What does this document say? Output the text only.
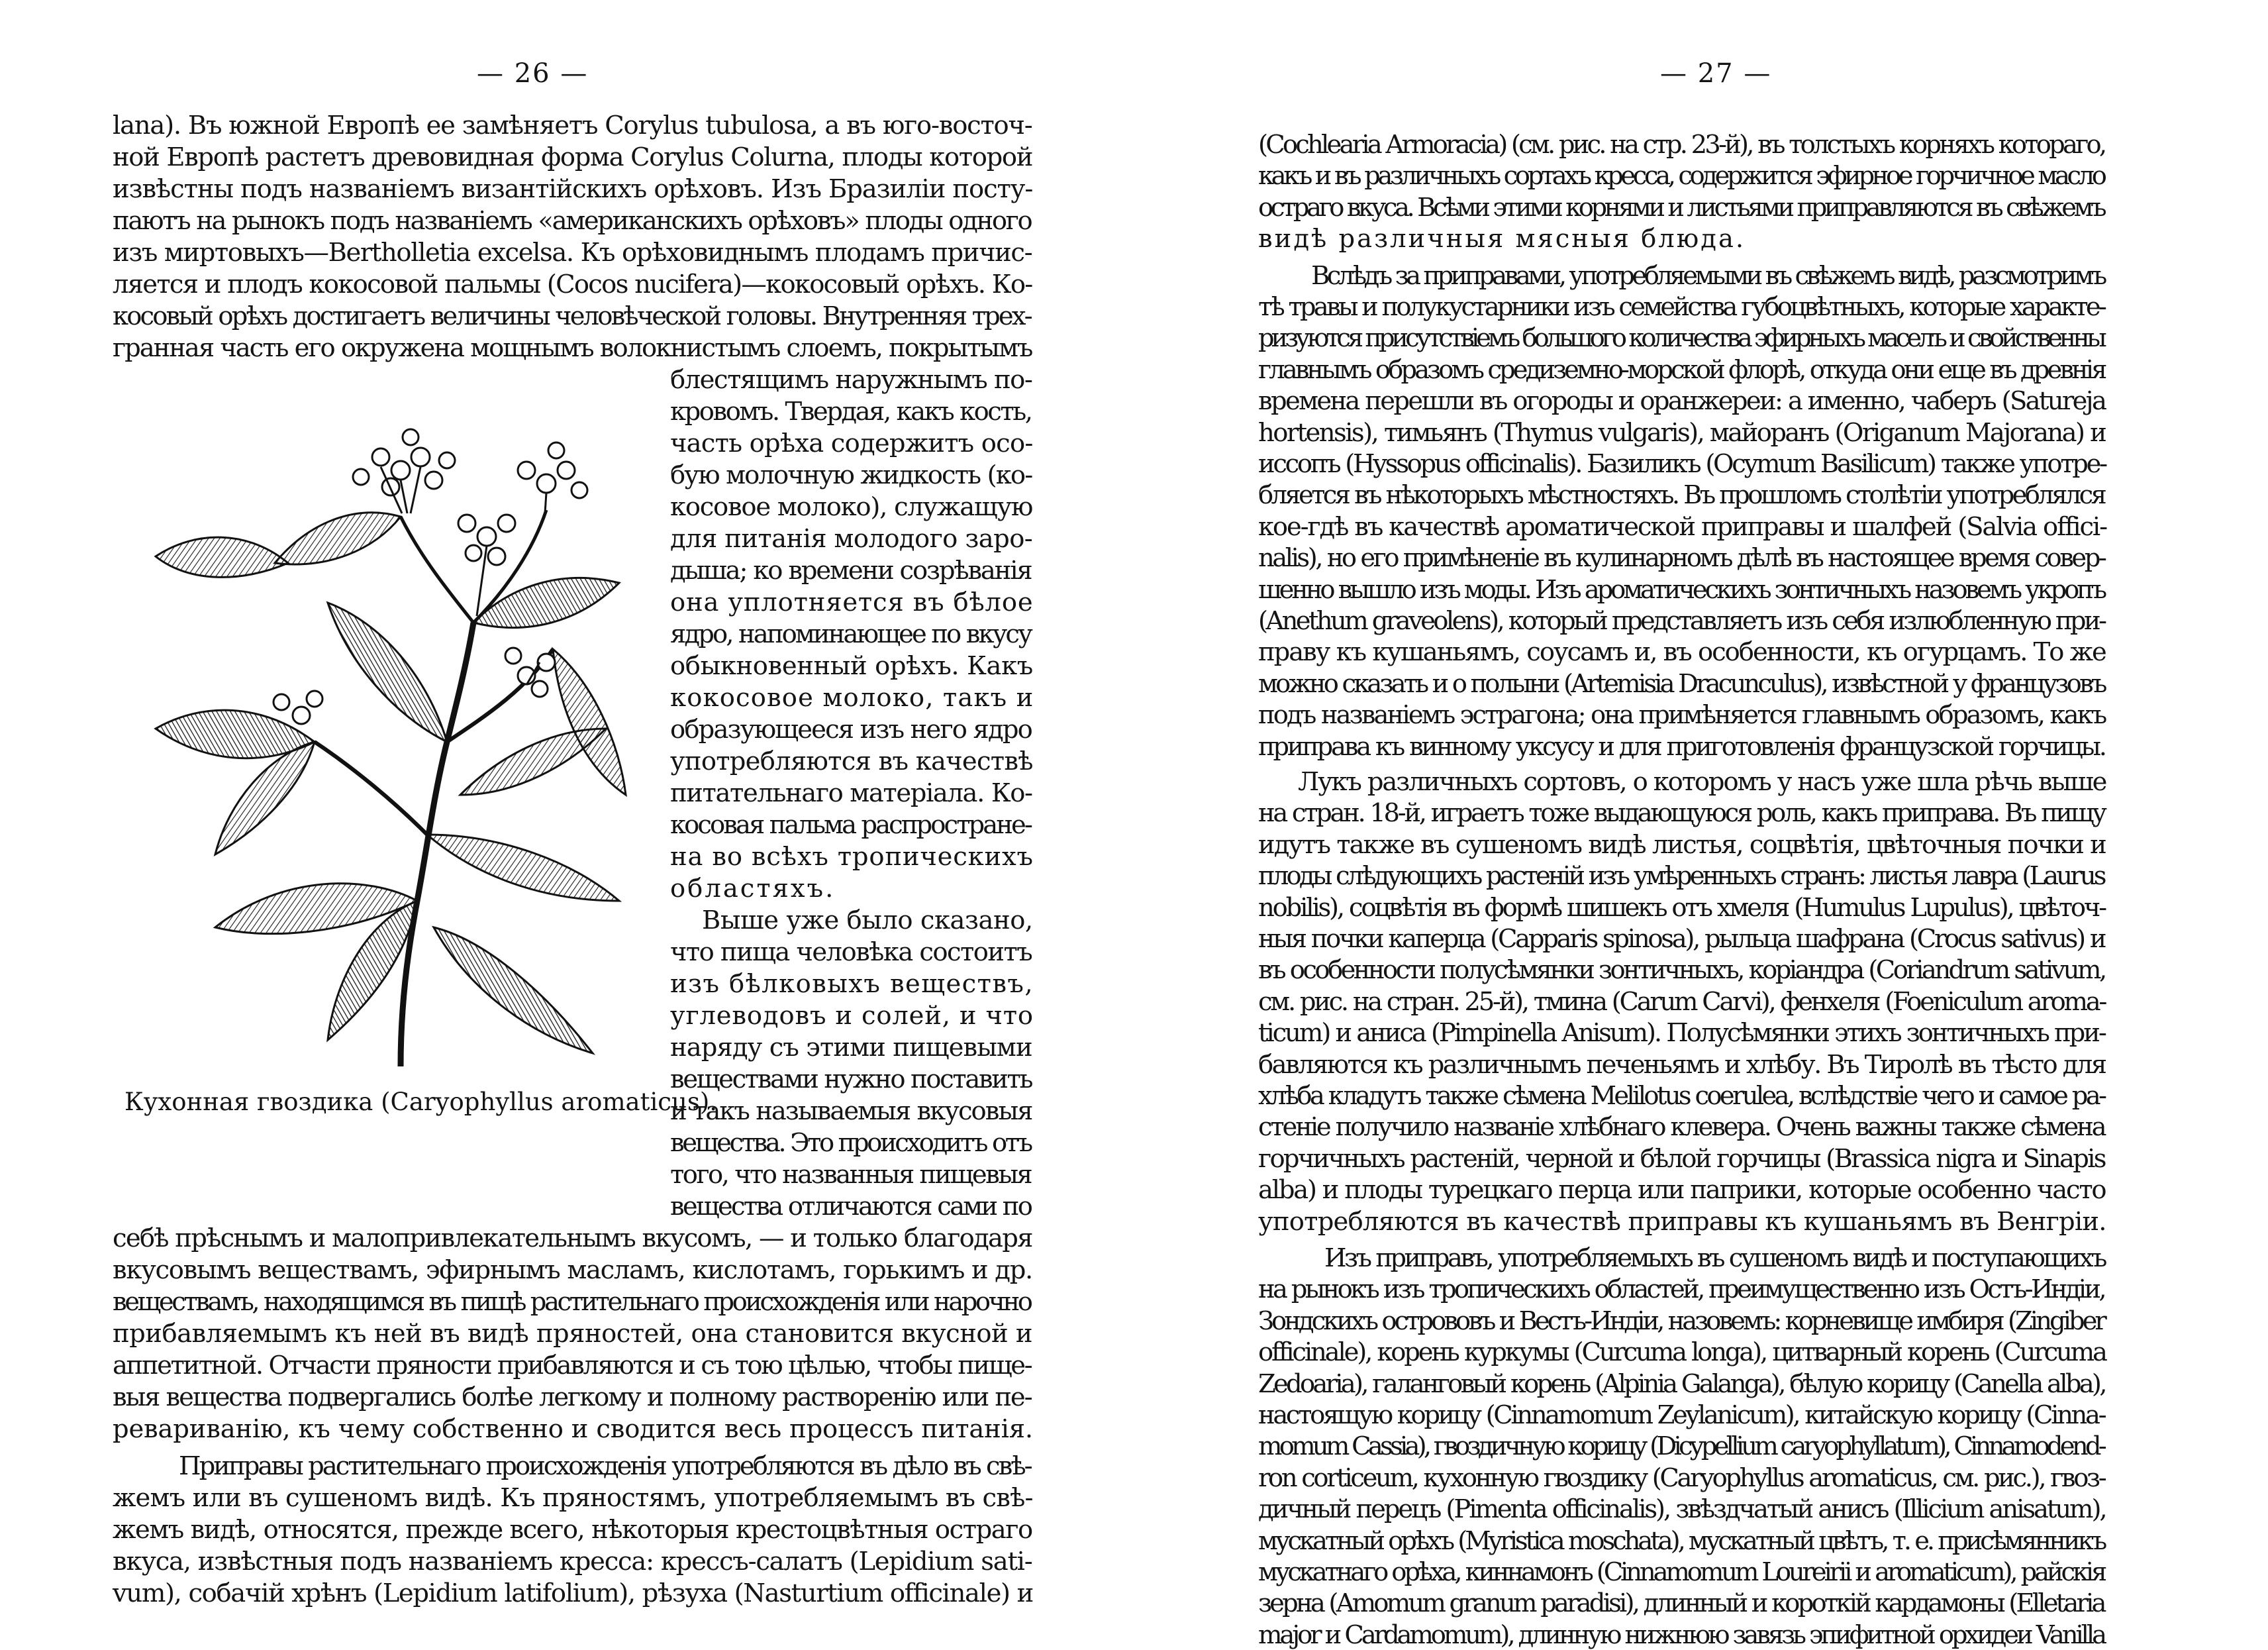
— 26 —

lana). Въ южной Европѣ ее замѣняетъ Corylus tubulosa, а въ юго-восточ-

ной Европѣ растетъ древовидная форма Corylus Colurna, плоды которой

извѣстны подъ названіемъ византійскихъ орѣховъ. Изъ Бразиліи посту-

паютъ на рынокъ подъ названіемъ «американскихъ орѣховъ» плоды одного

изъ миртовыхъ—Bertholletia excelsa. Къ орѣховиднымъ плодамъ причис-

ляется и плодъ кокосовой пальмы (Cocos nucifera)—кокосовый орѣхъ. Ко-

косовый орѣхъ достигаетъ величины человѣческой головы. Внутренняя трех-

гранная часть его окружена мощнымъ волокнистымъ слоемъ, покрытымъ

блестящимъ наружнымъ по-

кровомъ. Твердая, какъ кость,

часть орѣха содержитъ осо-

бую молочную жидкость (ко-

косовое молоко), служащую

для питанія молодого заро-

дыша; ко времени созрѣванія

она уплотняется въ бѣлое

ядро, напоминающее по вкусу

обыкновенный орѣхъ. Какъ

кокосовое молоко, такъ и

образующееся изъ него ядро

употребляются въ качествѣ

питательнаго матеріала. Ко-

косовая пальма распростране-

на во всѣхъ тропическихъ

областяхъ.

Выше уже было сказано,

что пища человѣка состоитъ

изъ бѣлковыхъ веществъ,

углеводовъ и солей, и что

наряду съ этими пищевыми

веществами нужно поставить

и такъ называемыя вкусовыя

вещества. Это происходитъ отъ

того, что названныя пищевыя

вещества отличаются сами по

Кухонная гвоздика (Caryophyllus aromaticus).

себѣ прѣснымъ и малопривлекательнымъ вкусомъ, — и только благодаря

вкусовымъ веществамъ, эфирнымъ масламъ, кислотамъ, горькимъ и др.

веществамъ, находящимся въ пищѣ растительнаго происхожденія или нарочно

прибавляемымъ къ ней въ видѣ пряностей, она становится вкусной и

аппетитной. Отчасти пряности прибавляются и съ тою цѣлью, чтобы пище-

выя вещества подвергались болѣе легкому и полному растворенію или пе-

ревариванію, къ чему собственно и сводится весь процессъ питанія.

Приправы растительнаго происхожденія употребляются въ дѣло въ свѣ-

жемъ или въ сушеномъ видѣ. Къ пряностямъ, употребляемымъ въ свѣ-

жемъ видѣ, относятся, прежде всего, нѣкоторыя крестоцвѣтныя остраго

вкуса, извѣстныя подъ названіемъ кресса: крессъ-салатъ (Lepidium sati-

vum), собачій хрѣнъ (Lepidium latifolium), рѣзуха (Nasturtium officinale) и

— 27 —

(Cochlearia Armoracia) (см. рис. на стр. 23-й), въ толстыхъ корняхъ котораго,

какъ и въ различныхъ сортахъ кресса, содержится эфирное горчичное масло

остраго вкуса. Всѣми этими корнями и листьями приправляются въ свѣжемъ

видѣ различныя мясныя блюда.

Вслѣдъ за приправами, употребляемыми въ свѣжемъ видѣ, разсмотримъ

тѣ травы и полукустарники изъ семейства губоцвѣтныхъ, которые характе-

ризуются присутствіемъ большого количества эфирныхъ маселъ и свойственны

главнымъ образомъ средиземно-морской флорѣ, откуда они еще въ древнія

времена перешли въ огороды и оранжереи: а именно, чаберъ (Satureja

hortensis), тимьянъ (Thymus vulgaris), майоранъ (Origanum Majorana) и

иссопъ (Hyssopus officinalis). Базиликъ (Ocymum Basilicum) также употре-

бляется въ нѣкоторыхъ мѣстностяхъ. Въ прошломъ столѣтіи употреблялся

кое-гдѣ въ качествѣ ароматической приправы и шалфей (Salvia offici-

nalis), но его примѣненіе въ кулинарномъ дѣлѣ въ настоящее время совер-

шенно вышло изъ моды. Изъ ароматическихъ зонтичныхъ назовемъ укропъ

(Anethum graveolens), который представляетъ изъ себя излюбленную при-

праву къ кушаньямъ, соусамъ и, въ особенности, къ огурцамъ. То же

можно сказать и о полыни (Artemisia Dracunculus), извѣстной у французовъ

подъ названіемъ эстрагона; она примѣняется главнымъ образомъ, какъ

приправа къ винному уксусу и для приготовленія французской горчицы.

Лукъ различныхъ сортовъ, о которомъ у насъ уже шла рѣчь выше

на стран. 18-й, играетъ тоже выдающуюся роль, какъ приправа. Въ пищу

идутъ также въ сушеномъ видѣ листья, соцвѣтія, цвѣточныя почки и

плоды слѣдующихъ растеній изъ умѣренныхъ странъ: листья лавра (Laurus

nobilis), соцвѣтія въ формѣ шишекъ отъ хмеля (Humulus Lupulus), цвѣточ-

ныя почки каперца (Capparis spinosa), рыльца шафрана (Crocus sativus) и

въ особенности полусѣмянки зонтичныхъ, коріандра (Coriandrum sativum,

см. рис. на стран. 25-й), тмина (Carum Carvi), фенхеля (Foeniculum aroma-

ticum) и аниса (Pimpinella Anisum). Полусѣмянки этихъ зонтичныхъ при-

бавляются къ различнымъ печеньямъ и хлѣбу. Въ Тиролѣ въ тѣсто для

хлѣба кладутъ также сѣмена Melilotus coerulea, вслѣдствіе чего и самое ра-

стеніе получило названіе хлѣбнаго клевера. Очень важны также сѣмена

горчичныхъ растеній, черной и бѣлой горчицы (Brassica nigra и Sinapis

alba) и плоды турецкаго перца или паприки, которые особенно часто

употребляются въ качествѣ приправы къ кушаньямъ въ Венгріи.

Изъ приправъ, употребляемыхъ въ сушеномъ видѣ и поступающихъ

на рынокъ изъ тропическихъ областей, преимущественно изъ Остъ-Индіи,

Зондскихъ острововъ и Вестъ-Индіи, назовемъ: корневище имбиря (Zingiber

officinale), корень куркумы (Curcuma longa), цитварный корень (Curcuma

Zedoaria), галанговый корень (Alpinia Galanga), бѣлую корицу (Canella alba),

настоящую корицу (Cinnamomum Zeylanicum), китайскую корицу (Cinna-

momum Cassia), гвоздичную корицу (Dicypellium caryophyllatum), Cinnamodend-

ron corticeum, кухонную гвоздику (Caryophyllus aromaticus, см. рис.), гвоз-

дичный перецъ (Pimenta officinalis), звѣздчатый анисъ (Illicium anisatum),

мускатный орѣхъ (Myristica moschata), мускатный цвѣтъ, т. е. присѣмянникъ

мускатнаго орѣха, киннамонъ (Cinnamomum Loureirii и aromaticum), райскія

зерна (Amomum granum paradisi), длинный и короткій кардамоны (Elletaria

major и Cardamomum), длинную нижнюю завязь эпифитной орхидеи Vanilla
